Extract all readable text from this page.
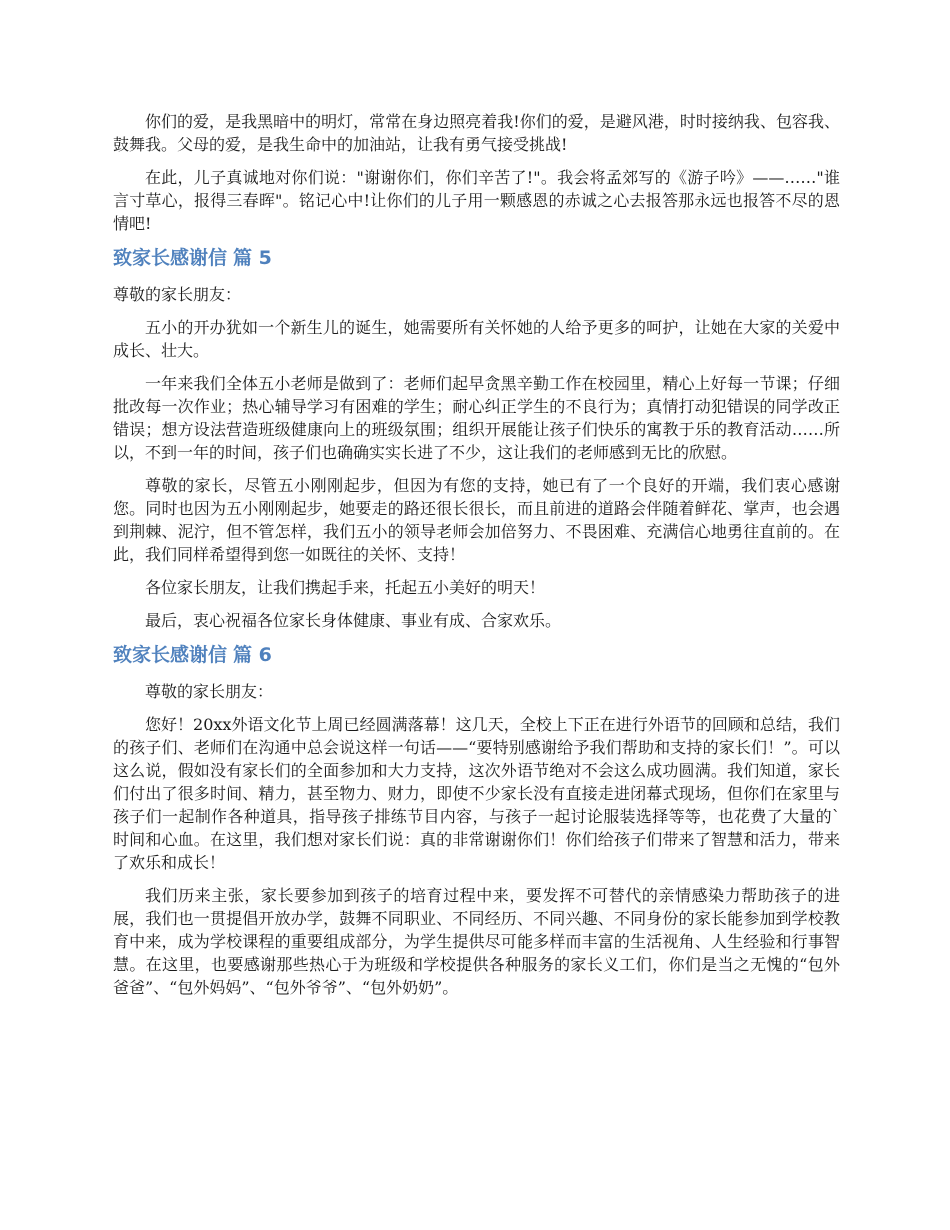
你们的爱，是我黑暗中的明灯，常常在身边照亮着我!你们的爱，是避风港，时时接纳我、包容我、鼓舞我。父母的爱，是我生命中的加油站，让我有勇气接受挑战!

在此，儿子真诚地对你们说："谢谢你们，你们辛苦了!"。我会将孟郊写的《游子吟》——……"谁言寸草心，报得三春晖"。铭记心中!让你们的儿子用一颗感恩的赤诚之心去报答那永远也报答不尽的恩情吧!

致家长感谢信 篇 5

尊敬的家长朋友：

五小的开办犹如一个新生儿的诞生，她需要所有关怀她的人给予更多的呵护，让她在大家的关爱中成长、壮大。

一年来我们全体五小老师是做到了：老师们起早贪黑辛勤工作在校园里，精心上好每一节课；仔细批改每一次作业；热心辅导学习有困难的学生；耐心纠正学生的不良行为；真情打动犯错误的同学改正错误；想方设法营造班级健康向上的班级氛围；组织开展能让孩子们快乐的寓教于乐的教育活动……所以，不到一年的时间，孩子们也确确实实长进了不少，这让我们的老师感到无比的欣慰。

尊敬的家长，尽管五小刚刚起步，但因为有您的支持，她已有了一个良好的开端，我们衷心感谢您。同时也因为五小刚刚起步，她要走的路还很长很长，而且前进的道路会伴随着鲜花、掌声，也会遇到荆棘、泥泞，但不管怎样，我们五小的领导老师会加倍努力、不畏困难、充满信心地勇往直前的。在此，我们同样希望得到您一如既往的关怀、支持！

各位家长朋友，让我们携起手来，托起五小美好的明天！

最后，衷心祝福各位家长身体健康、事业有成、合家欢乐。

致家长感谢信 篇 6

尊敬的家长朋友：

您好！20xx外语文化节上周已经圆满落幕！这几天，全校上下正在进行外语节的回顾和总结，我们的孩子们、老师们在沟通中总会说这样一句话——“要特别感谢给予我们帮助和支持的家长们！”。可以这么说，假如没有家长们的全面参加和大力支持，这次外语节绝对不会这么成功圆满。我们知道，家长们付出了很多时间、精力，甚至物力、财力，即使不少家长没有直接走进闭幕式现场，但你们在家里与孩子们一起制作各种道具，指导孩子排练节目内容，与孩子一起讨论服装选择等等，也花费了大量的`时间和心血。在这里，我们想对家长们说：真的非常谢谢你们！你们给孩子们带来了智慧和活力，带来了欢乐和成长！

我们历来主张，家长要参加到孩子的培育过程中来，要发挥不可替代的亲情感染力帮助孩子的进展，我们也一贯提倡开放办学，鼓舞不同职业、不同经历、不同兴趣、不同身份的家长能参加到学校教育中来，成为学校课程的重要组成部分，为学生提供尽可能多样而丰富的生活视角、人生经验和行事智慧。在这里，也要感谢那些热心于为班级和学校提供各种服务的家长义工们，你们是当之无愧的“包外爸爸”、“包外妈妈”、“包外爷爷”、“包外奶奶”。
